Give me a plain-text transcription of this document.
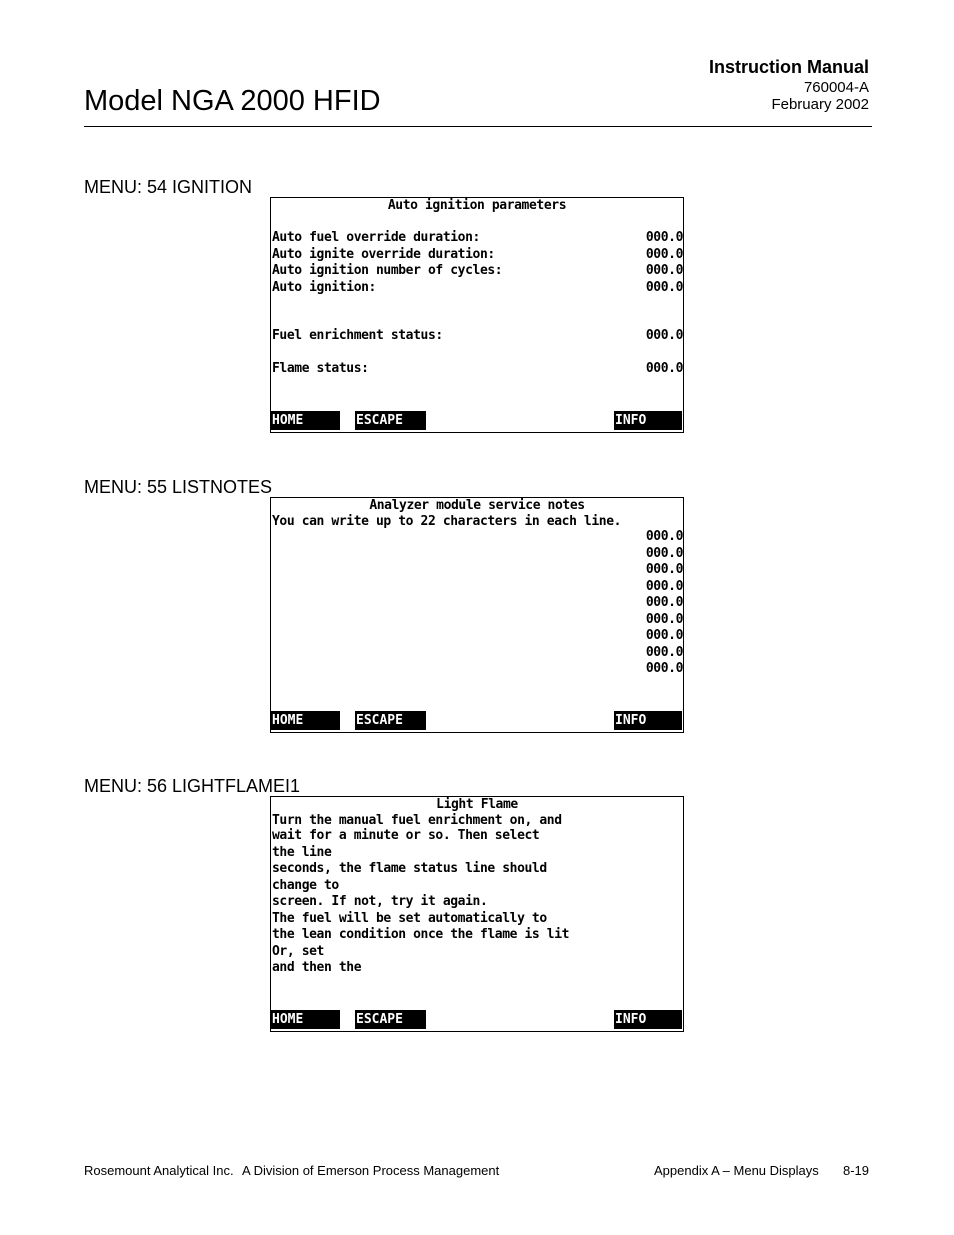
Model NGA 2000 HFID
Instruction Manual
760004-A
February 2002
MENU: 54 IGNITION
Auto ignition parameters
Auto fuel override duration:	000.0
Auto ignite override duration:	000.0
Auto ignition number of cycles:	000.0
Auto ignition:	000.0
Fuel enrichment status:	000.0
Flame status:	000.0
HOME	ESCAPE	INFO
MENU: 55 LISTNOTES
Analyzer module service notes
You can write up to 22 characters in each line.
000.0
000.0
000.0
000.0
000.0
000.0
000.0
000.0
000.0
HOME	ESCAPE	INFO
MENU: 56 LIGHTFLAMEI1
Light Flame
Turn the manual fuel enrichment on, and
wait for a minute or so. Then select
the line
seconds, the flame status line should
change to
screen. If not, try it again.
The fuel will be set automatically to
the lean condition once the flame is lit
Or, set
and then the
HOME	ESCAPE	INFO
Rosemount Analytical Inc. A Division of Emerson Process Management	Appendix A – Menu Displays 8-19
